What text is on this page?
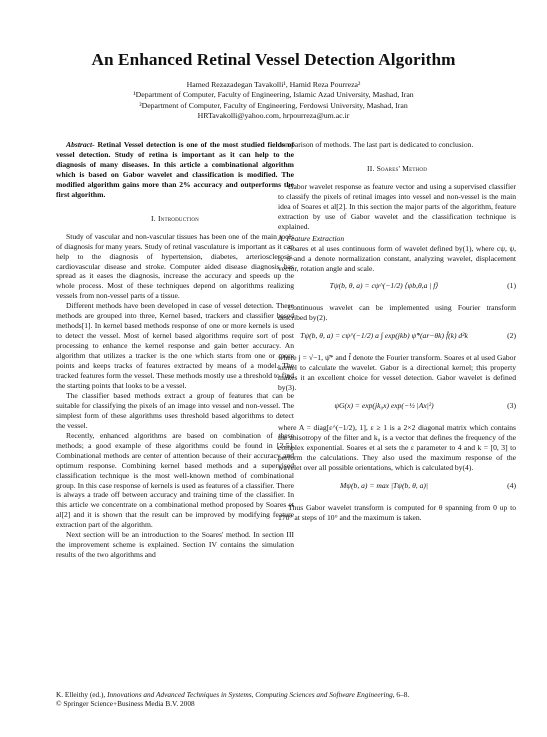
An Enhanced Retinal Vessel Detection Algorithm
Hamed Rezazadegan Tavakolli¹, Hamid Reza Pourreza²
¹Department of Computer, Faculty of Engineering, Islamic Azad University, Mashad, Iran
²Department of Computer, Faculty of Engineering, Ferdowsi University, Mashad, Iran
HRTavakolli@yahoo.com, hrpourreza@um.ac.ir

Abstract- Retinal Vessel detection is one of the most studied fields of vessel detection. Study of retina is important as it can help to the diagnosis of many diseases. In this article a combinational algorithm which is based on Gabor wavelet and classification is modified. The modified algorithm gains more than 2% accuracy and outperforms the first algorithm.

I. Introduction

Study of vascular and non-vascular tissues has been one of the main tools of diagnosis for many years. Study of retinal vasculature is important as it can help to the diagnosis of hypertension, diabetes, arteriosclerosis, cardiovascular disease and stroke. Computer aided disease diagnosis has spread as it eases the diagnosis, increase the accuracy and speeds up the whole process. Most of these techniques depend on algorithms realizing vessels from non-vessel parts of a tissue.

Different methods have been developed in case of vessel detection. These methods are grouped into three, Kernel based, trackers and classifier based methods[1]. In kernel based methods response of one or more kernels is used to detect the vessel. Most of kernel based algorithms require sort of post processing to enhance the kernel response and gain better accuracy. An algorithm that utilizes a tracker is the one which starts from one or more points and keeps tracks of features extracted by means of a model. The tracked features form the vessel. These methods mostly use a threshold to find the starting points that looks to be a vessel.

The classifier based methods extract a group of features that can be suitable for classifying the pixels of an image into vessel and non-vessel. The simplest form of these algorithms uses threshold based algorithms to detect the vessel.

Recently, enhanced algorithms are based on combination of these methods; a good example of these algorithms could be found in [2-5]. Combinational methods are center of attention because of their accuracy and optimum response. Combining kernel based methods and a supervised classification technique is the most well-known method of combinational group. In this case response of kernels is used as features of a classifier. There is always a trade off between accuracy and training time of the classifier. In this article we concentrate on a combinational method proposed by Soares et al[2] and it is shown that the result can be improved by modifying feature extraction part of the algorithm.

Next section will be an introduction to the Soares' method. In section III the improvement scheme is explained. Section IV contains the simulation results of the two algorithms and

comparison of methods. The last part is dedicated to conclusion.

II. Soares' Method

Gabor wavelet response as feature vector and using a supervised classifier to classify the pixels of retinal images into vessel and non-vessel is the main idea of Soares et al[2]. In this section the major parts of the algorithm, feature extraction by use of Gabor wavelet and the classification technique is explained.

A. Feature Extraction

Soares et al uses continuous form of wavelet defined by(1), where cψ, ψ, b, θ and a denote normalization constant, analyzing wavelet, displacement vector, rotation angle and scale.

Tψ(b, θ, a) = cψ^(−1/2) ⟨ψb,θ,a | f⟩	(1)

Continuous wavelet can be implemented using Fourier transform described by(2).

Tψ(b, θ, a) = cψ^(−1/2) a ∫ exp(jkb) ψ̂*(ar−θk) f̂(k) d²k	(2)

where j = √−1, ψ̂* and f̂ denote the Fourier transform. Soares et al used Gabor kernel to calculate the wavelet. Gabor is a directional kernel; this property makes it an excellent choice for vessel detection. Gabor wavelet is defined by(3).

ψG(x) = exp(jk₀x) exp(−½ |Ax|²)	(3)

where A = diag[ε^(−1/2), 1], ε ≥ 1 is a 2×2 diagonal matrix which contains the anisotropy of the filter and k₀ is a vector that defines the frequency of the complex exponential. Soares et al sets the ε parameter to 4 and k = [0, 3] to perform the calculations. They also used the maximum response of the wavelet over all possible orientations, which is calculated by(4).

Mψ(b, a) = max |Tψ(b, θ, a)|	(4)

Thus Gabor wavelet transform is computed for θ spanning from 0 up to 170° at steps of 10° and the maximum is taken.

K. Elleithy (ed.), Innovations and Advanced Techniques in Systems, Computing Sciences and Software Engineering, 6–8.
© Springer Science+Business Media B.V. 2008
